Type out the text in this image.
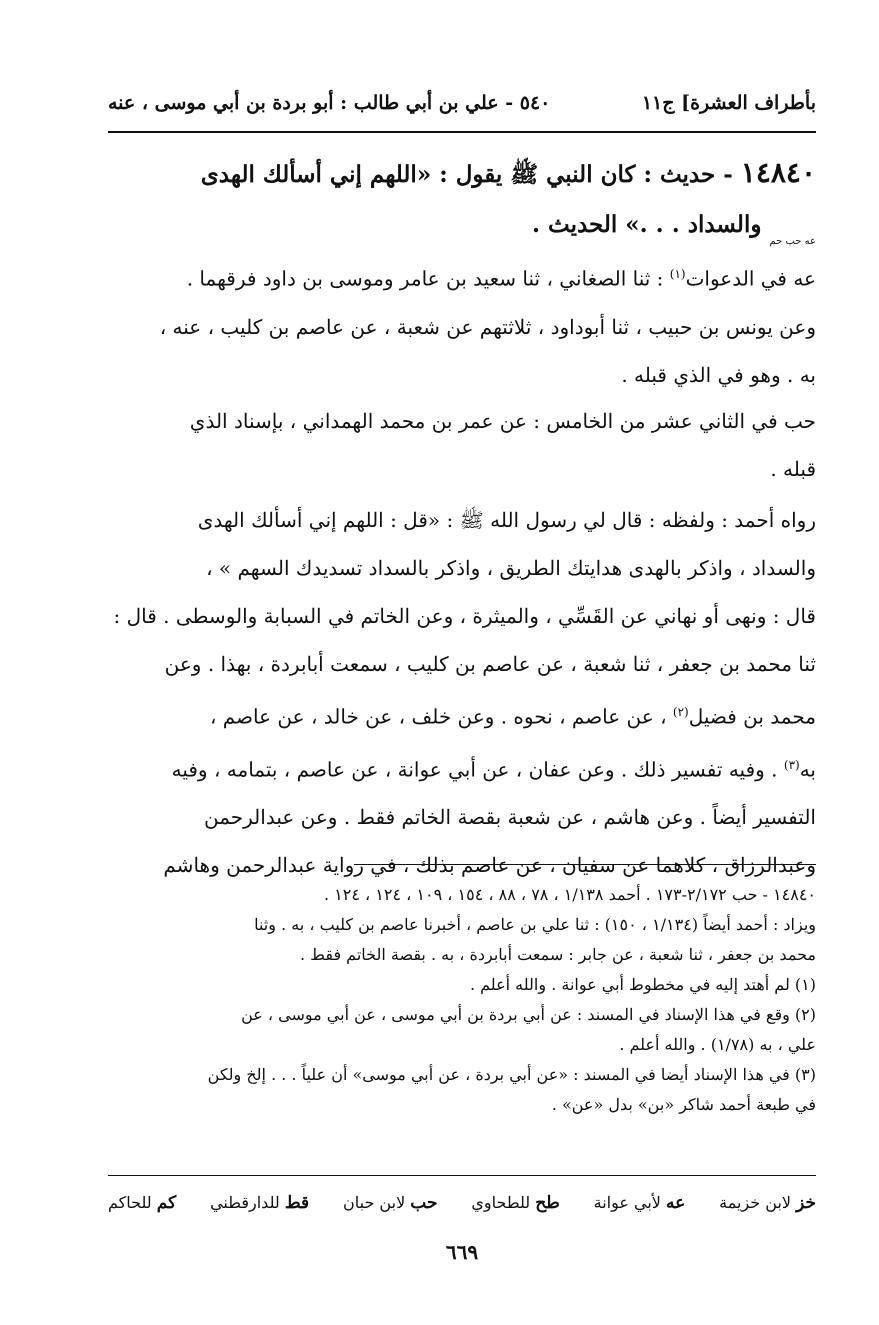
بأطراف العشرة] ج١١
٥٤٠ - علي بن أبي طالب : أبو بردة بن أبي موسى ، عنه
١٤٨٤٠ - حديث : كان النبي ﷺ يقول : «اللهم إني أسألك الهدى
$_{عه حب حم}$ والسداد . . .» الحديث .
عه في الدعوات$^{(١)}$ : ثنا الصغاني ، ثنا سعيد بن عامر وموسى بن داود فرقهما .
وعن يونس بن حبيب ، ثنا أبوداود ، ثلاثتهم عن شعبة ، عن عاصم بن كليب ، عنه ،
به . وهو في الذي قبله .
حب في الثاني عشر من الخامس : عن عمر بن محمد الهمداني ، بإسناد الذي
قبله .
رواه أحمد : ولفظه : قال لي رسول الله ﷺ : «قل : اللهم إني أسألك الهدى
والسداد ، واذكر بالهدى هدايتك الطريق ، واذكر بالسداد تسديدك السهم » ،
قال : ونهى أو نهاني عن القَسِّي ، والميثرة ، وعن الخاتم في السبابة والوسطى . قال :
ثنا محمد بن جعفر ، ثنا شعبة ، عن عاصم بن كليب ، سمعت أبابردة ، بهذا . وعن
محمد بن فضيل$^{(٢)}$ ، عن عاصم ، نحوه . وعن خلف ، عن خالد ، عن عاصم ،
به$^{(٣)}$ . وفيه تفسير ذلك . وعن عفان ، عن أبي عوانة ، عن عاصم ، بتمامه ، وفيه
التفسير أيضاً . وعن هاشم ، عن شعبة بقصة الخاتم فقط . وعن عبدالرحمن
وعبدالرزاق ، كلاهما عن سفيان ، عن عاصم بذلك ، في رواية عبدالرحمن وهاشم
١٤٨٤٠ - حب ٢/١٧٢-١٧٣ . أحمد ١/١٣٨ ، ٧٨ ، ٨٨ ، ١٥٤ ، ١٠٩ ، ١٢٤ ، ١٢٤ .
ويزاد : أحمد أيضاً (١/١٣٤ ، ١٥٠) : ثنا علي بن عاصم ، أخبرنا عاصم بن كليب ، به . وثنا
محمد بن جعفر ، ثنا شعبة ، عن جابر : سمعت أبابردة ، به . بقصة الخاتم فقط .
(١) لم أهتد إليه في مخطوط أبي عوانة . والله أعلم .
(٢) وقع في هذا الإسناد في المسند : عن أبي بردة بن أبي موسى ، عن أبي موسى ، عن
علي ، به (١/٧٨) . والله أعلم .
(٣) في هذا الإسناد أيضا في المسند : «عن أبي بردة ، عن أبي موسى» أن علياً . . . إلخ ولكن
في طبعة أحمد شاكر «بن» بدل «عن» .
خز لابن خزيمة
عه لأبي عوانة
طح للطحاوي
حب لابن حبان
قط للدارقطني
كم للحاكم
٦٦٩
